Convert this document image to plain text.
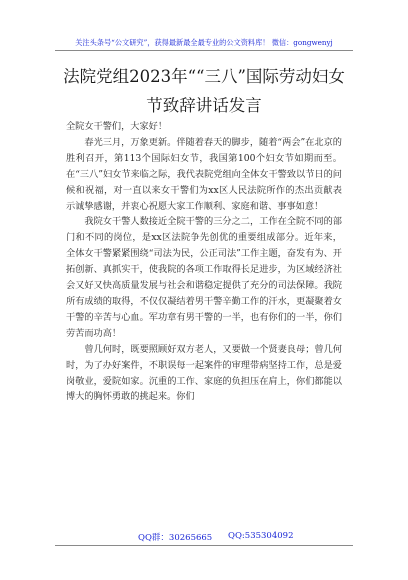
关注头条号“公文研究”，获得最新最全最专业的公文资料库！ 微信：gongwenyj
法院党组2023年““三八”国际劳动妇女
节致辞讲话发言

全院女干警们，大家好！

春光三月，万象更新。伴随着春天的脚步，随着“两会”在北京的胜利召开，第113个国际妇女节，我国第100个妇女节如期而至。在“三八”妇女节来临之际，我代表院党组向全体女干警致以节日的问候和祝福，对一直以来女干警们为xx区人民法院所作的杰出贡献表示诚挚感谢，并衷心祝愿大家工作顺利、家庭和谐、事事如意！

我院女干警人数接近全院干警的三分之二，工作在全院不同的部门和不同的岗位，是xx区法院争先创优的重要组成部分。近年来，全体女干警紧紧围绕“司法为民，公正司法”工作主题，奋发有为、开拓创新、真抓实干，使我院的各项工作取得长足进步，为区域经济社会又好又快高质量发展与社会和谐稳定提供了充分的司法保障。我院所有成绩的取得，不仅仅凝结着男干警辛勤工作的汗水，更凝聚着女干警的辛苦与心血。军功章有男干警的一半，也有你们的一半，你们劳苦而功高！

曾几何时，既要照顾好双方老人，又要做一个贤妻良母；曾几何时，为了办好案件，不职误每一起案件的审理带病坚持工作，总是爱岗敬业，爱院如家。沉重的工作、家庭的负担压在肩上，你们都能以博大的胸怀勇敢的挑起来。你们

QQ群：30265665 QQ:535304092
